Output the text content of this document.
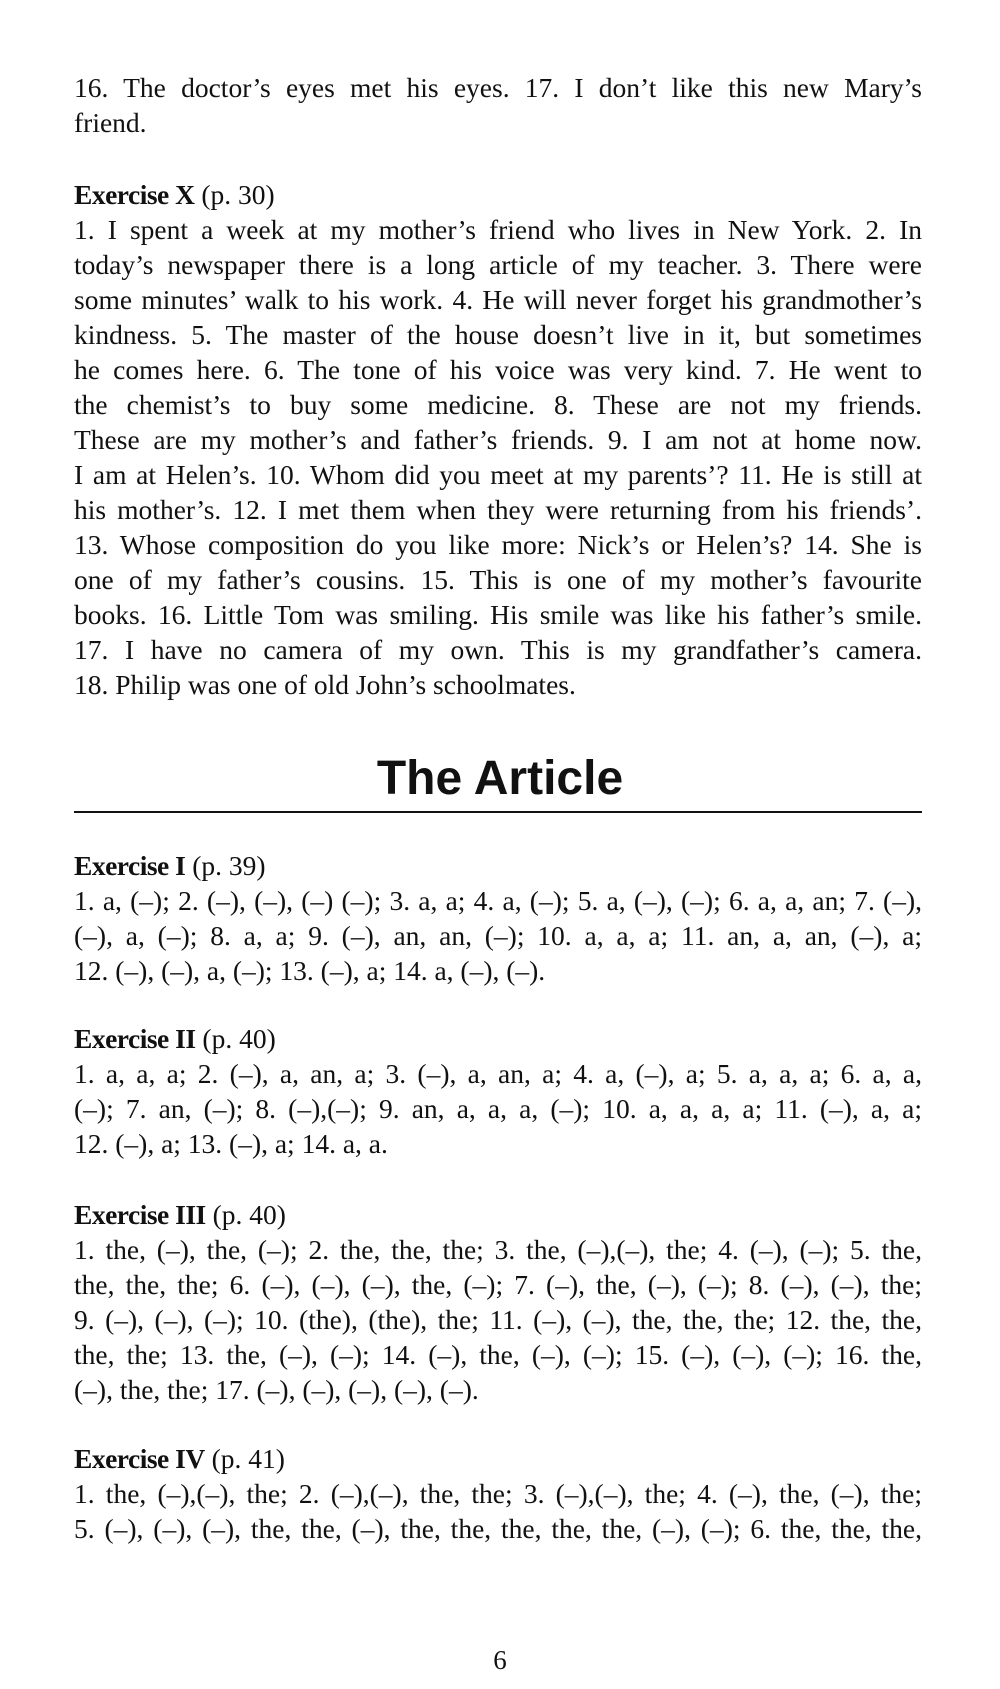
16. The doctor’s eyes met his eyes. 17. I don’t like this new Mary’s
friend.
Exercise X (p. 30)
1. I spent a week at my mother’s friend who lives in New York. 2. In
today’s newspaper there is a long article of my teacher. 3. There were
some minutes’ walk to his work. 4. He will never forget his grandmother’s
kindness. 5. The master of the house doesn’t live in it, but sometimes
he comes here. 6. The tone of his voice was very kind. 7. He went to
the chemist’s to buy some medicine. 8. These are not my friends.
These are my mother’s and father’s friends. 9. I am not at home now.
I am at Helen’s. 10. Whom did you meet at my parents’? 11. He is still at
his mother’s. 12. I met them when they were returning from his friends’.
13. Whose composition do you like more: Nick’s or Helen’s? 14. She is
one of my father’s cousins. 15. This is one of my mother’s favourite
books. 16. Little Tom was smiling. His smile was like his father’s smile.
17. I have no camera of my own. This is my grandfather’s camera.
18. Philip was one of old John’s schoolmates.
The Article
Exercise I (p. 39)
1. a, (–); 2. (–), (–), (–) (–); 3. a, a; 4. a, (–); 5. a, (–), (–); 6. a, a, an; 7. (–),
(–), a, (–); 8. a, a; 9. (–), an, an, (–); 10. a, a, a; 11. an, a, an, (–), a;
12. (–), (–), a, (–); 13. (–), a; 14. a, (–), (–).
Exercise II (p. 40)
1. a, a, a; 2. (–), a, an, a; 3. (–), a, an, a; 4. a, (–), a; 5. a, a, a; 6. a, a,
(–); 7. an, (–); 8. (–),(–); 9. an, a, a, a, (–); 10. a, a, a, a; 11. (–), a, a;
12. (–), a; 13. (–), a; 14. a, a.
Exercise III (p. 40)
1. the, (–), the, (–); 2. the, the, the; 3. the, (–),(–), the; 4. (–), (–); 5. the,
the, the, the; 6. (–), (–), (–), the, (–); 7. (–), the, (–), (–); 8. (–), (–), the;
9. (–), (–), (–); 10. (the), (the), the; 11. (–), (–), the, the, the; 12. the, the,
the, the; 13. the, (–), (–); 14. (–), the, (–), (–); 15. (–), (–), (–); 16. the,
(–), the, the; 17. (–), (–), (–), (–), (–).
Exercise IV (p. 41)
1. the, (–),(–), the; 2. (–),(–), the, the; 3. (–),(–), the; 4. (–), the, (–), the;
5. (–), (–), (–), the, the, (–), the, the, the, the, the, (–), (–); 6. the, the, the,
6
